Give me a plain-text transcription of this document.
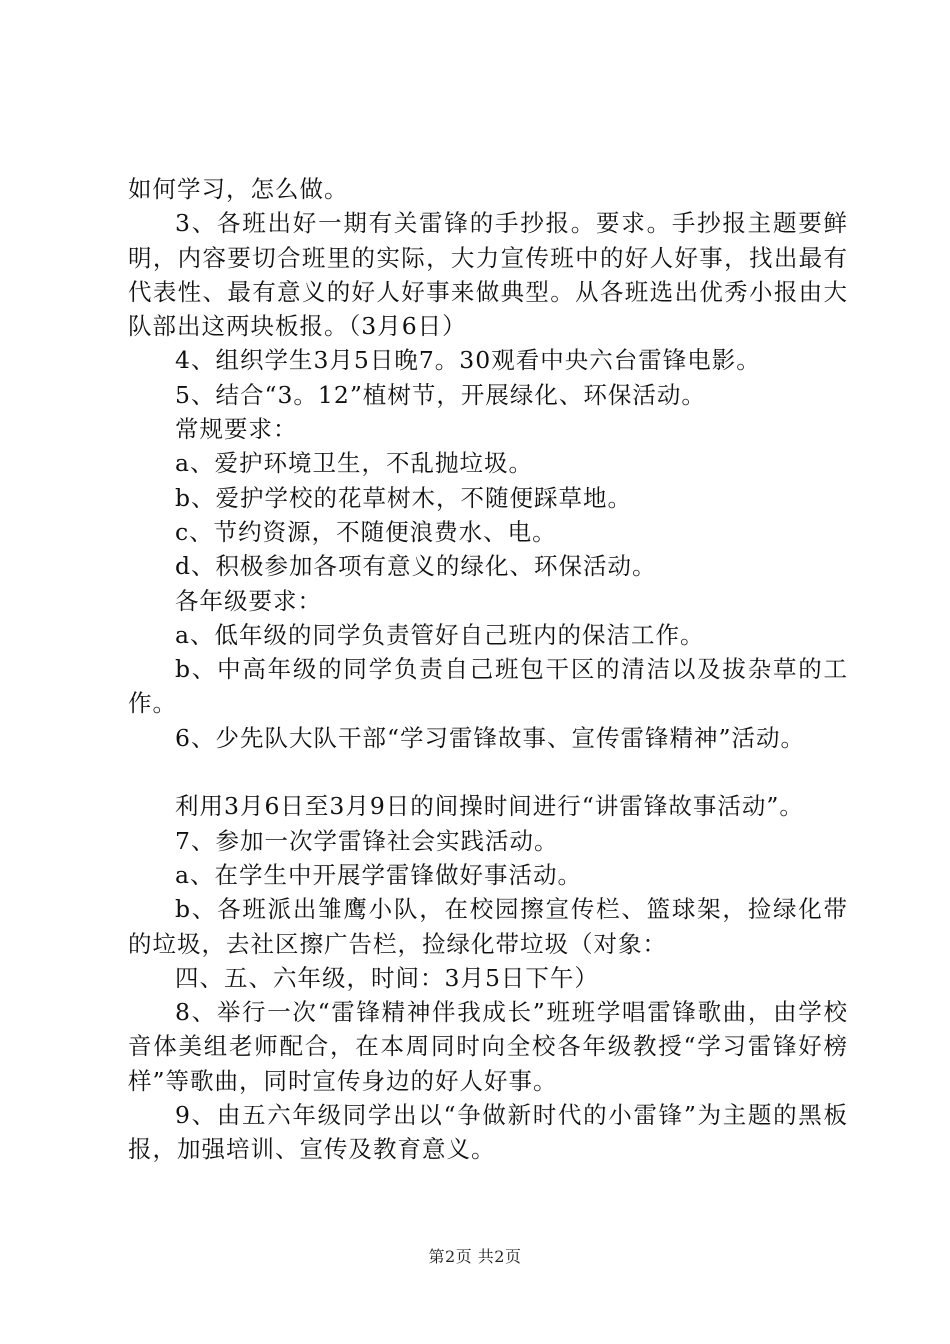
如何学习，怎么做。

3、各班出好一期有关雷锋的手抄报。要求。手抄报主题要鲜明，内容要切合班里的实际，大力宣传班中的好人好事，找出最有代表性、最有意义的好人好事来做典型。从各班选出优秀小报由大队部出这两块板报。（3月6日）

4、组织学生3月5日晚7。30观看中央六台雷锋电影。

5、结合“3。12”植树节，开展绿化、环保活动。

常规要求：

a、爱护环境卫生，不乱抛垃圾。

b、爱护学校的花草树木，不随便踩草地。

c、节约资源，不随便浪费水、电。

d、积极参加各项有意义的绿化、环保活动。

各年级要求：

a、低年级的同学负责管好自己班内的保洁工作。

b、中高年级的同学负责自己班包干区的清洁以及拔杂草的工作。

6、少先队大队干部“学习雷锋故事、宣传雷锋精神”活动。

利用3月6日至3月9日的间操时间进行“讲雷锋故事活动”。

7、参加一次学雷锋社会实践活动。

a、在学生中开展学雷锋做好事活动。

b、各班派出雏鹰小队，在校园擦宣传栏、篮球架，捡绿化带的垃圾，去社区擦广告栏，捡绿化带垃圾（对象：

四、五、六年级，时间：3月5日下午）

8、举行一次“雷锋精神伴我成长”班班学唱雷锋歌曲，由学校音体美组老师配合，在本周同时向全校各年级教授“学习雷锋好榜样”等歌曲，同时宣传身边的好人好事。

9、由五六年级同学出以“争做新时代的小雷锋”为主题的黑板报，加强培训、宣传及教育意义。

第2页 共2页
